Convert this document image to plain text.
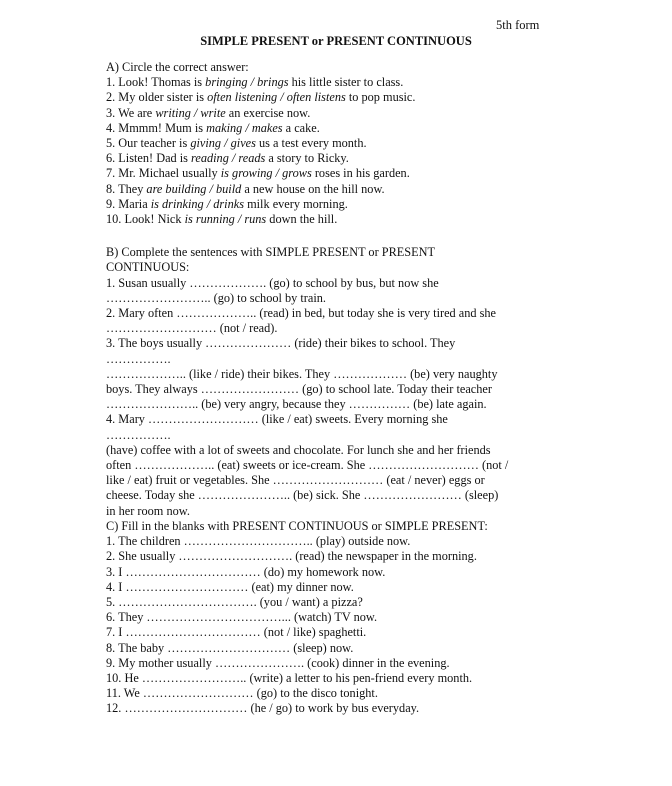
5th form
SIMPLE PRESENT or PRESENT CONTINUOUS
A) Circle the correct answer:
1. Look! Thomas is bringing / brings his little sister to class.
2. My older sister is often listening / often listens to pop music.
3. We are writing / write an exercise now.
4. Mmmm! Mum is making / makes a cake.
5. Our teacher is giving / gives us a test every month.
6. Listen! Dad is reading / reads a story to Ricky.
7. Mr. Michael usually is growing / grows roses in his garden.
8. They are building / build a new house on the hill now.
9. Maria is drinking / drinks milk every morning.
10. Look! Nick is running / runs down the hill.
B) Complete the sentences with SIMPLE PRESENT or PRESENT
CONTINUOUS:
1. Susan usually ………………. (go) to school by bus, but now she
…………………….. (go) to school by train.
2. Mary often ……………….. (read) in bed, but today she is very tired and she
……………………… (not / read).
3. The boys usually ………………… (ride) their bikes to school. They
…………….
……………….. (like / ride) their bikes. They ……………… (be) very naughty
boys. They always …………………… (go) to school late. Today their teacher
………………….. (be) very angry, because they …………… (be) late again.
4. Mary ……………………… (like / eat) sweets. Every morning she
…………….
(have) coffee with a lot of sweets and chocolate. For lunch she and her friends
often ……………….. (eat) sweets or ice-cream. She ……………………… (not /
like / eat) fruit or vegetables. She ……………………… (eat / never) eggs or
cheese. Today she ………………….. (be) sick. She …………………… (sleep)
in her room now.
C) Fill in the blanks with PRESENT CONTINUOUS or SIMPLE PRESENT:
1. The children ………………………….. (play) outside now.
2. She usually ………………………. (read) the newspaper in the morning.
3. I …………………………… (do) my homework now.
4. I ………………………… (eat) my dinner now.
5. ……………………………. (you / want) a pizza?
6. They ……………………………... (watch) TV now.
7. I …………………………… (not / like) spaghetti.
8. The baby ………………………… (sleep) now.
9. My mother usually …………………. (cook) dinner in the evening.
10. He …………………….. (write) a letter to his pen-friend every month.
11. We ……………………… (go) to the disco tonight.
12. ………………………… (he / go) to work by bus everyday.
